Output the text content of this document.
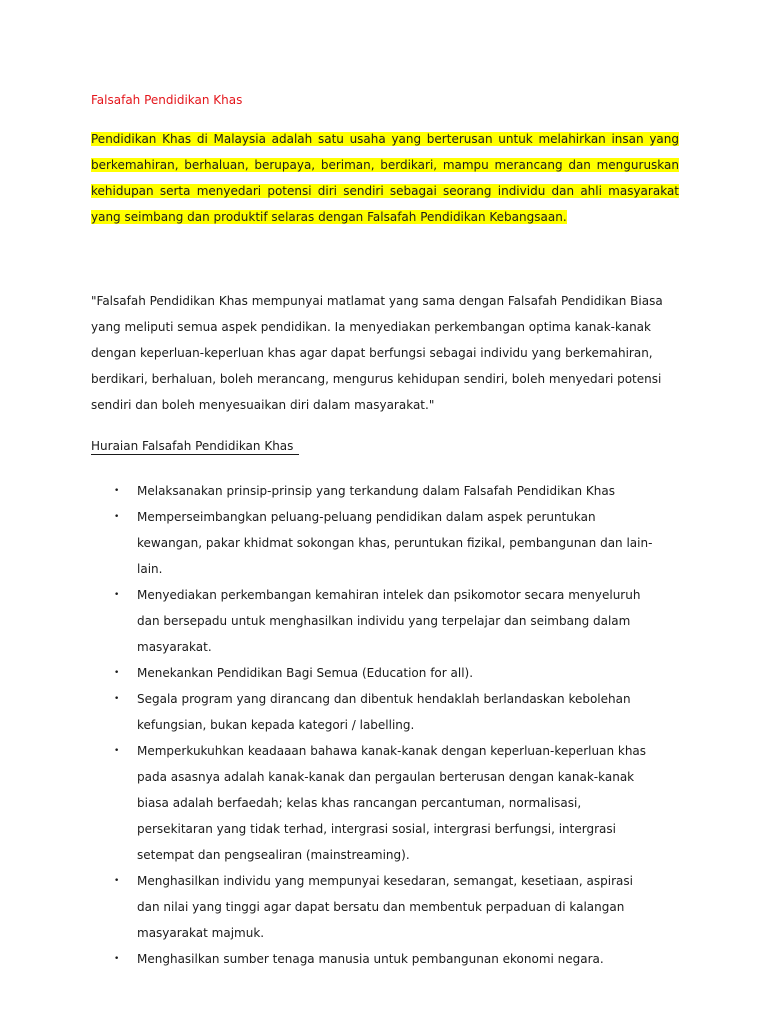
Falsafah Pendidikan Khas

Pendidikan Khas di Malaysia adalah satu usaha yang berterusan untuk melahirkan insan yang berkemahiran, berhaluan, berupaya, beriman, berdikari, mampu merancang dan menguruskan kehidupan serta menyedari potensi diri sendiri sebagai seorang individu dan ahli masyarakat yang seimbang dan produktif selaras dengan Falsafah Pendidikan Kebangsaan.

"Falsafah Pendidikan Khas mempunyai matlamat yang sama dengan Falsafah Pendidikan Biasa yang meliputi semua aspek pendidikan. Ia menyediakan perkembangan optima kanak-kanak dengan keperluan-keperluan khas agar dapat berfungsi sebagai individu yang berkemahiran, berdikari, berhaluan, boleh merancang, mengurus kehidupan sendiri, boleh menyedari potensi sendiri dan boleh menyesuaikan diri dalam masyarakat."

Huraian Falsafah Pendidikan Khas
• Melaksanakan prinsip-prinsip yang terkandung dalam Falsafah Pendidikan Khas
• Memperseimbangkan peluang-peluang pendidikan dalam aspek peruntukan kewangan, pakar khidmat sokongan khas, peruntukan fizikal, pembangunan dan lain-lain.
• Menyediakan perkembangan kemahiran intelek dan psikomotor secara menyeluruh dan bersepadu untuk menghasilkan individu yang terpelajar dan seimbang dalam masyarakat.
• Menekankan Pendidikan Bagi Semua (Education for all).
• Segala program yang dirancang dan dibentuk hendaklah berlandaskan kebolehan kefungsian, bukan kepada kategori / labelling.
• Memperkukuhkan keadaaan bahawa kanak-kanak dengan keperluan-keperluan khas pada asasnya adalah kanak-kanak dan pergaulan berterusan dengan kanak-kanak biasa adalah berfaedah; kelas khas rancangan percantuman, normalisasi, persekitaran yang tidak terhad, intergrasi sosial, intergrasi berfungsi, intergrasi setempat dan pengsealiran (mainstreaming).
• Menghasilkan individu yang mempunyai kesedaran, semangat, kesetiaan, aspirasi dan nilai yang tinggi agar dapat bersatu dan membentuk perpaduan di kalangan masyarakat majmuk.
• Menghasilkan sumber tenaga manusia untuk pembangunan ekonomi negara.
